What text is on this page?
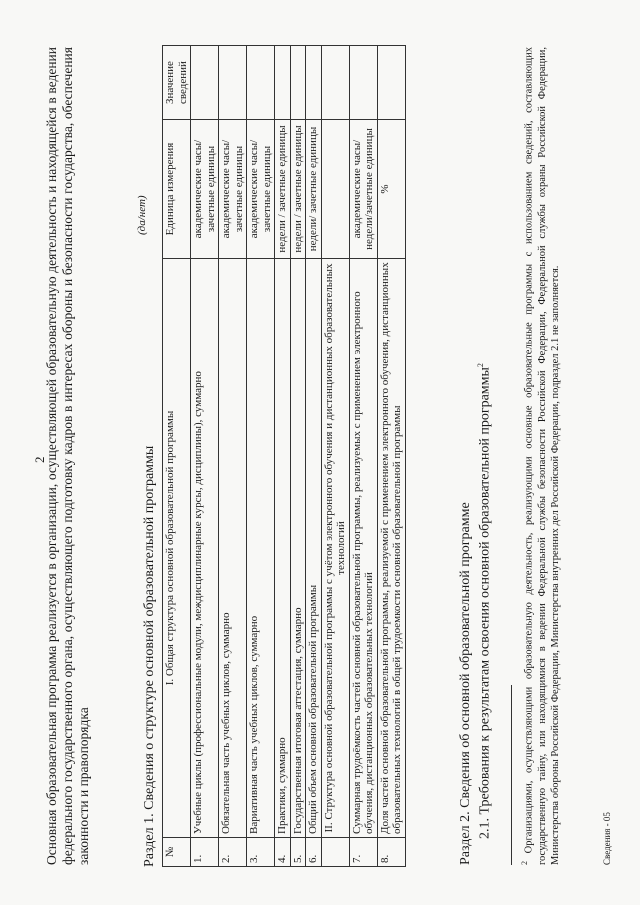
2
Основная образовательная программа реализуется в организации, осуществляющей образовательную деятельность и находящейся в ведении федерального государственного органа, осуществляющего подготовку кадров в интересах обороны и безопасности государства, обеспечения законности и правопорядка	Раздел 1. Сведения о структуре основной образовательной программы
(да/нет)
№	І. Общая структура основной образовательной программы	Единица измерения	Значение сведений
1.	Учебные циклы (профессиональные модули, междисциплинарные курсы, дисциплины), суммарно	академические часы/ зачетные единицы	
2.	Обязательная часть учебных циклов, суммарно	академические часы/ зачетные единицы	
3.	Вариативная часть учебных циклов, суммарно	академические часы/ зачетные единицы	
4.	Практики, суммарно	недели / зачетные единицы	
5.	Государственная итоговая аттестация, суммарно	недели / зачетные единицы	
6.	Общий объем основной образовательной программы	недели/ зачетные единицы	
	ІІ. Структура основной образовательной программы с учётом электронного обучения и дистанционных образовательных технологий		
7.	Суммарная трудоёмкость частей основной образовательной программы, реализуемых с применением электронного обучения, дистанционных образовательных технологий	академические часы/ недели/зачетные единицы	
8.	Доля частей основной образовательной программы, реализуемой с применением электронного обучения, дистанционных образовательных технологий в общей трудоемкости основной образовательной программы	%	
Раздел 2. Сведения об основной образовательной программе 2.1. Требования к результатам освоения основной образовательной программы$^2$
$^2$ Организациями, осуществляющими образовательную деятельность, реализующими основные образовательные программы с использованием сведений, составляющих государственную тайну, или находящимися в ведении Федеральной службы безопасности Российской Федерации, Федеральной службы охраны Российской Федерации, Министерства обороны Российской Федерации, Министерства внутренних дел Российской Федерации, подраздел 2.1 не заполняется.	Сведения - 05
